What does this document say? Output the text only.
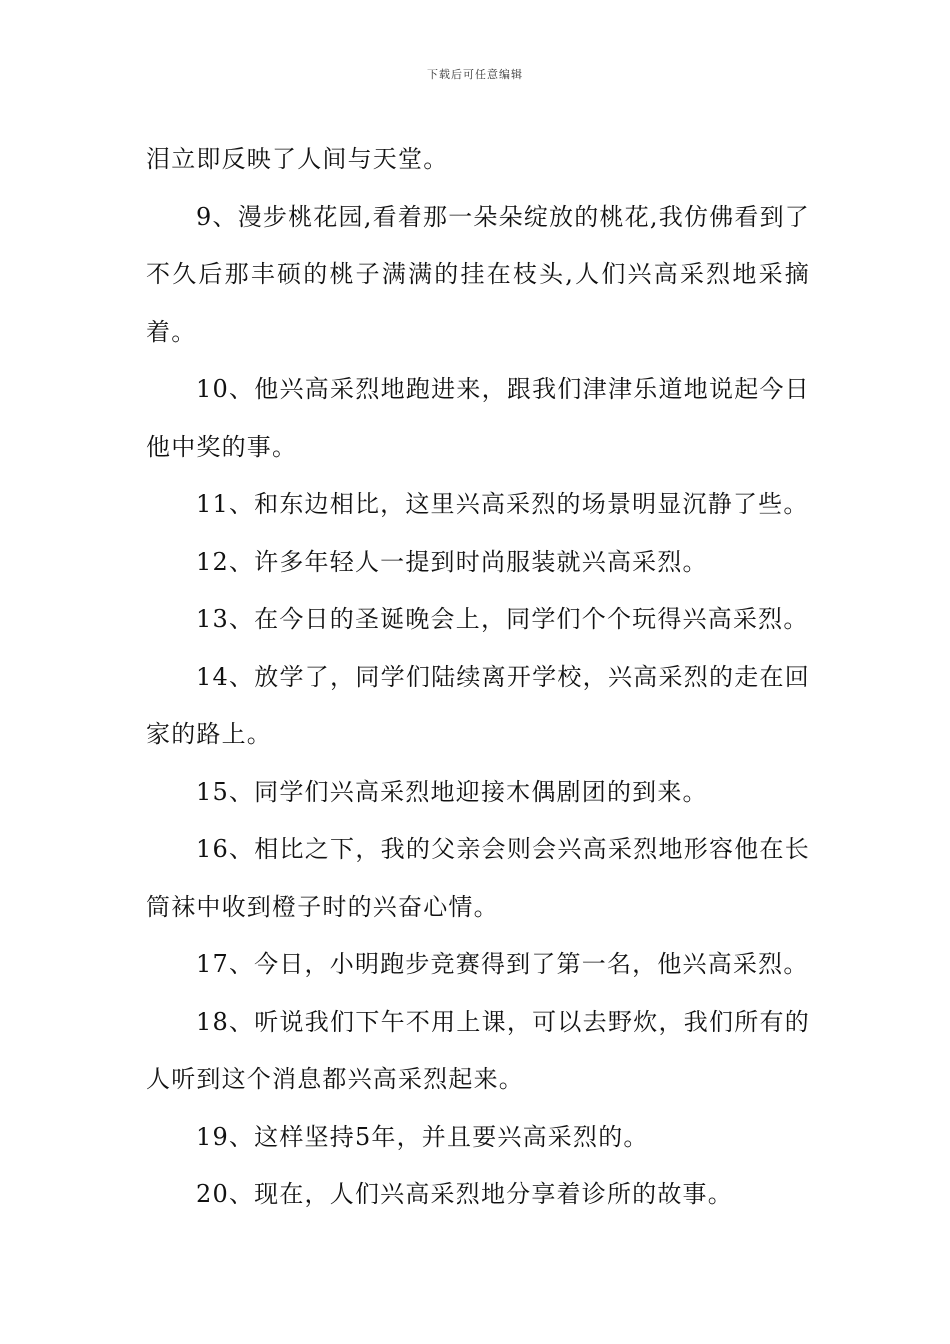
下载后可任意编辑

泪立即反映了人间与天堂。

9、漫步桃花园,看着那一朵朵绽放的桃花,我仿佛看到了不久后那丰硕的桃子满满的挂在枝头,人们兴高采烈地采摘着。

10、他兴高采烈地跑进来，跟我们津津乐道地说起今日他中奖的事。

11、和东边相比，这里兴高采烈的场景明显沉静了些。

12、许多年轻人一提到时尚服装就兴高采烈。

13、在今日的圣诞晚会上，同学们个个玩得兴高采烈。

14、放学了，同学们陆续离开学校，兴高采烈的走在回家的路上。

15、同学们兴高采烈地迎接木偶剧团的到来。

16、相比之下，我的父亲会则会兴高采烈地形容他在长筒袜中收到橙子时的兴奋心情。

17、今日，小明跑步竞赛得到了第一名，他兴高采烈。

18、听说我们下午不用上课，可以去野炊，我们所有的人听到这个消息都兴高采烈起来。

19、这样坚持5年，并且要兴高采烈的。

20、现在，人们兴高采烈地分享着诊所的故事。
